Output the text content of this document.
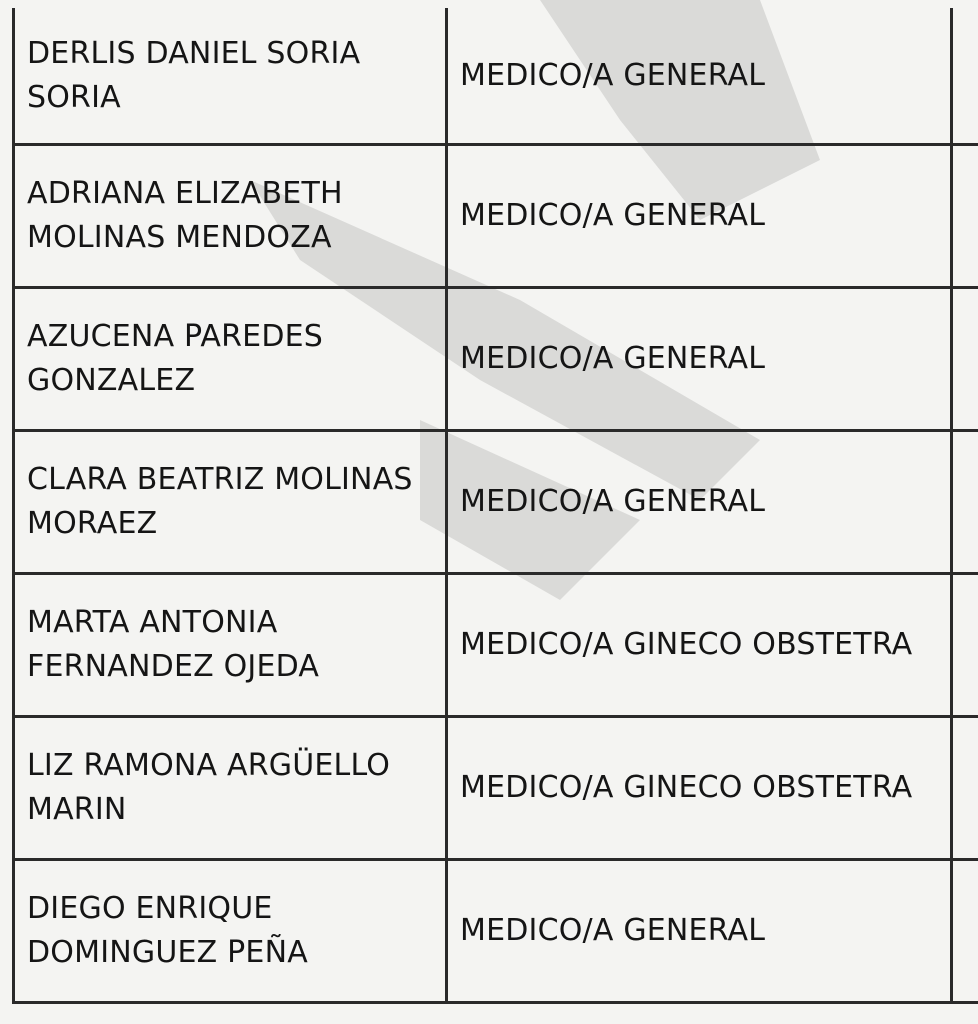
DERLIS DANIEL SORIA SORIA	MEDICO/A GENERAL	
ADRIANA ELIZABETH MOLINAS MENDOZA	MEDICO/A GENERAL	
AZUCENA PAREDES GONZALEZ	MEDICO/A GENERAL	
CLARA BEATRIZ MOLINAS MORAEZ	MEDICO/A GENERAL	
MARTA ANTONIA FERNANDEZ OJEDA	MEDICO/A GINECO OBSTETRA	
LIZ RAMONA ARGÜELLO MARIN	MEDICO/A GINECO OBSTETRA	
DIEGO ENRIQUE DOMINGUEZ PEÑA	MEDICO/A GENERAL	
